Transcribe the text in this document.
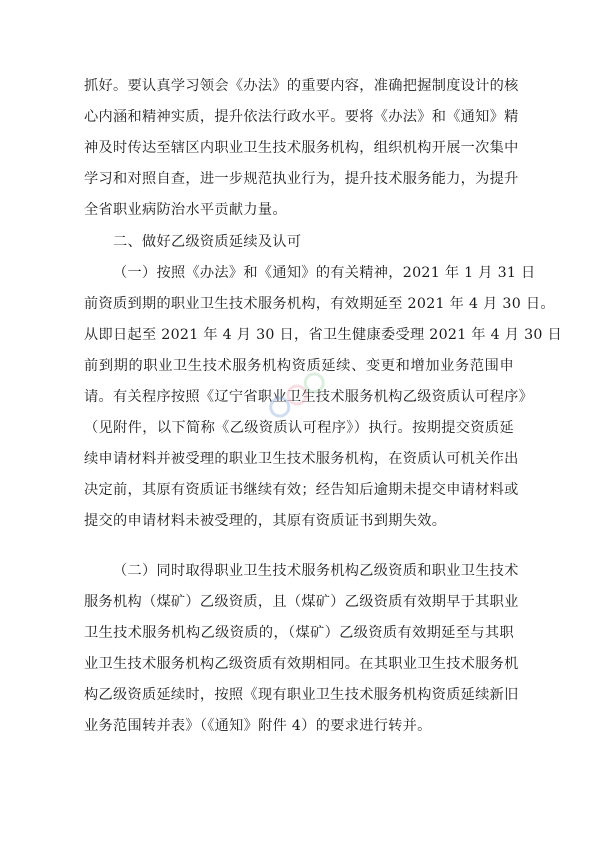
抓好。要认真学习领会《办法》的重要内容，准确把握制度设计的核
心内涵和精神实质，提升依法行政水平。要将《办法》和《通知》精
神及时传达至辖区内职业卫生技术服务机构，组织机构开展一次集中
学习和对照自查，进一步规范执业行为，提升技术服务能力，为提升
全省职业病防治水平贡献力量。
二、做好乙级资质延续及认可
（一）按照《办法》和《通知》的有关精神，2021 年 1 月 31 日
前资质到期的职业卫生技术服务机构，有效期延至 2021 年 4 月 30 日。
从即日起至 2021 年 4 月 30 日，省卫生健康委受理 2021 年 4 月 30 日
前到期的职业卫生技术服务机构资质延续、变更和增加业务范围申
请。有关程序按照《辽宁省职业卫生技术服务机构乙级资质认可程序》
（见附件，以下简称《乙级资质认可程序》）执行。按期提交资质延
续申请材料并被受理的职业卫生技术服务机构，在资质认可机关作出
决定前，其原有资质证书继续有效；经告知后逾期未提交申请材料或
提交的申请材料未被受理的，其原有资质证书到期失效。
（二）同时取得职业卫生技术服务机构乙级资质和职业卫生技术
服务机构（煤矿）乙级资质，且（煤矿）乙级资质有效期早于其职业
卫生技术服务机构乙级资质的，（煤矿）乙级资质有效期延至与其职
业卫生技术服务机构乙级资质有效期相同。在其职业卫生技术服务机
构乙级资质延续时，按照《现有职业卫生技术服务机构资质延续新旧
业务范围转并表》（《通知》附件 4）的要求进行转并。
